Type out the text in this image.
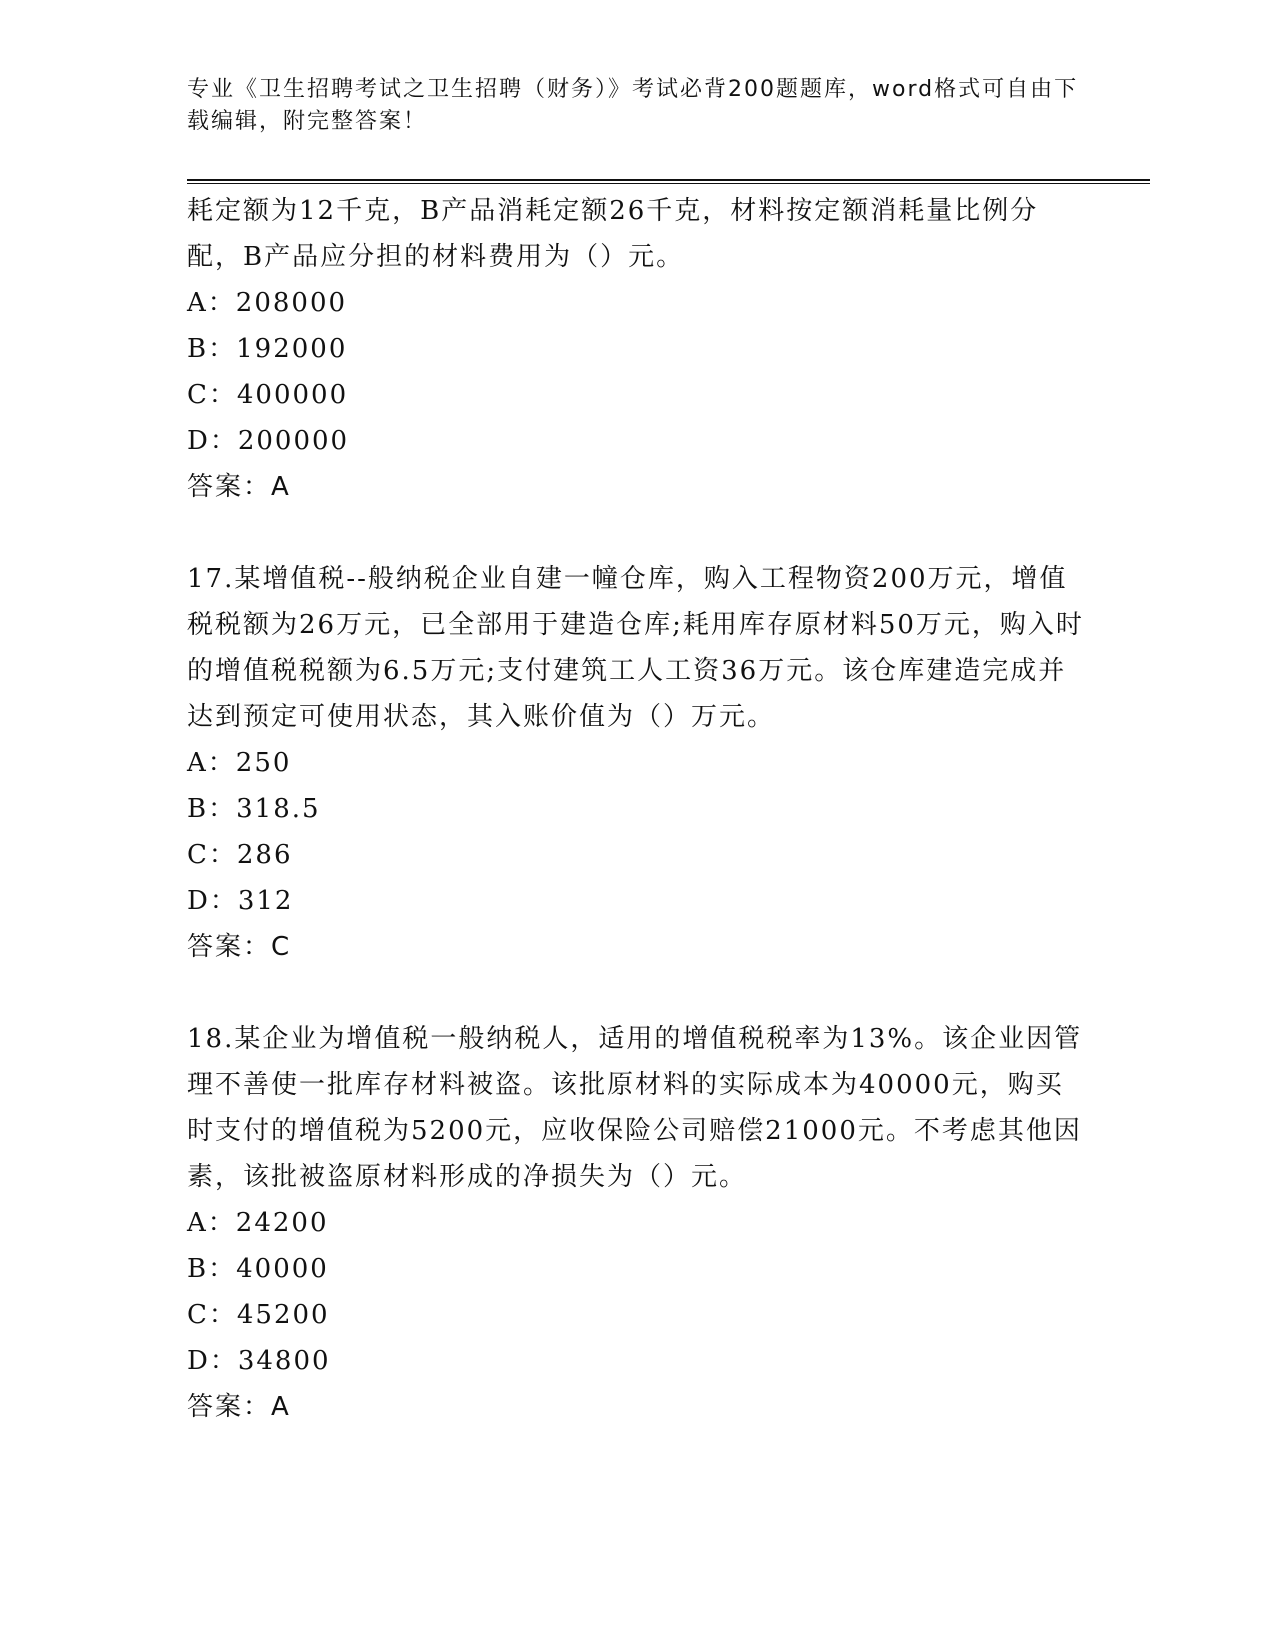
专业《卫生招聘考试之卫生招聘（财务）》考试必背200题题库，word格式可自由下载编辑，附完整答案！
耗定额为12千克，B产品消耗定额26千克，材料按定额消耗量比例分配，B产品应分担的材料费用为（）元。
A：208000
B：192000
C：400000
D：200000
答案：A
17.某增值税--般纳税企业自建一幢仓库，购入工程物资200万元，增值税税额为26万元，已全部用于建造仓库;耗用库存原材料50万元，购入时的增值税税额为6.5万元;支付建筑工人工资36万元。该仓库建造完成并达到预定可使用状态，其入账价值为（）万元。
A：250
B：318.5
C：286
D：312
答案：C
18.某企业为增值税一般纳税人，适用的增值税税率为13%。该企业因管理不善使一批库存材料被盗。该批原材料的实际成本为40000元，购买时支付的增值税为5200元，应收保险公司赔偿21000元。不考虑其他因素，该批被盗原材料形成的净损失为（）元。
A：24200
B：40000
C：45200
D：34800
答案：A
